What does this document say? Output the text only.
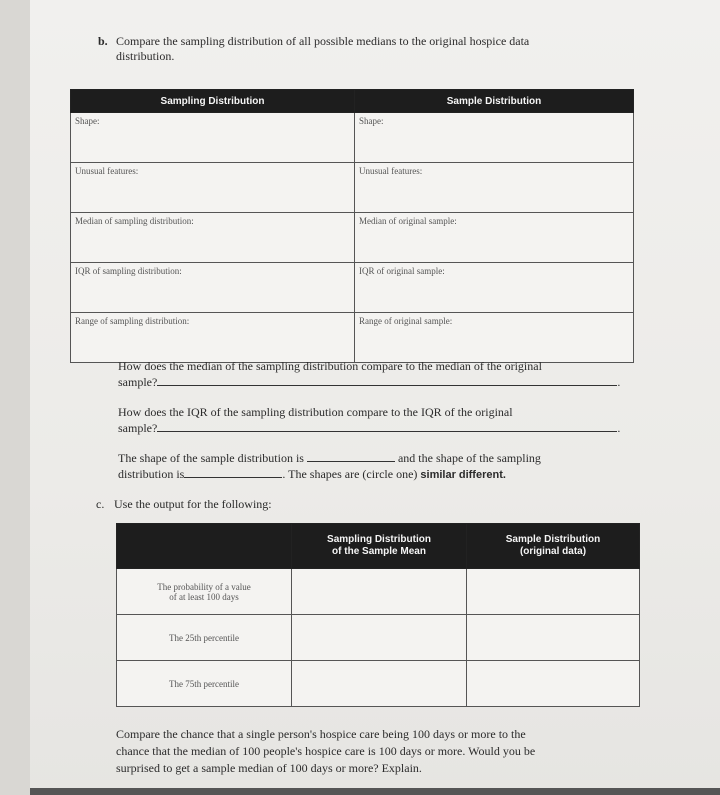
b. Compare the sampling distribution of all possible medians to the original hospice data
distribution.
Sampling Distribution	Sample Distribution
Shape:	Shape:
Unusual features:	Unusual features:
Median of sampling distribution:	Median of original sample:
IQR of sampling distribution:	IQR of original sample:
Range of sampling distribution:	Range of original sample:
How does the median of the sampling distribution compare to the median of the original
sample?	.
How does the IQR of the sampling distribution compare to the IQR of the original
sample?	.
The shape of the sample distribution is	and the shape of the sampling
distribution is	. The shapes are (circle one) similar different.
c. Use the output for the following:
	Sampling Distribution
of the Sample Mean	Sample Distribution
(original data)
The probability of a value
of at least 100 days		
The 25th percentile		
The 75th percentile		
Compare the chance that a single person's hospice care being 100 days or more to the
chance that the median of 100 people's hospice care is 100 days or more. Would you be
surprised to get a sample median of 100 days or more? Explain.
